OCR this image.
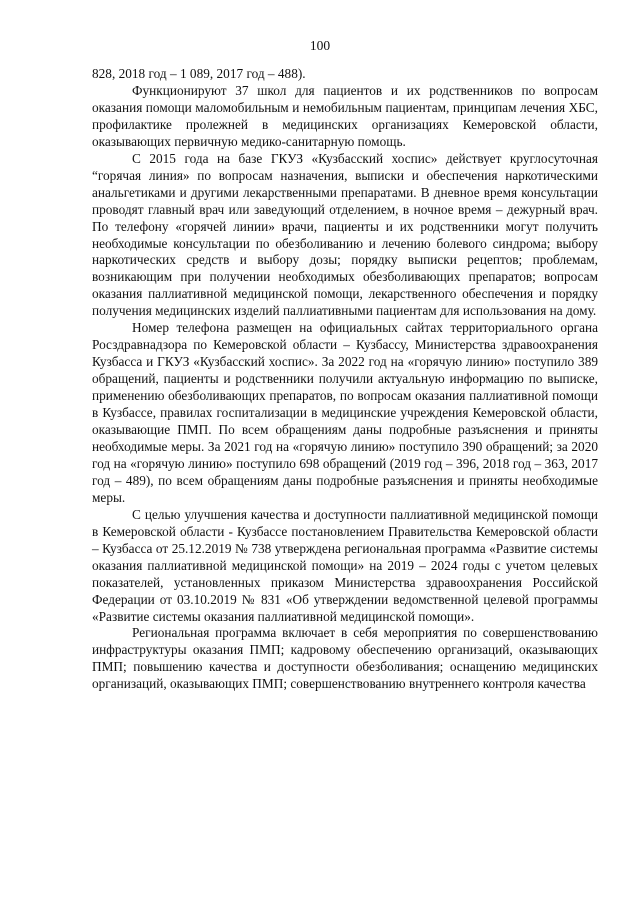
100

828, 2018 год – 1 089, 2017 год – 488).

Функционируют 37 школ для пациентов и их родственников по вопросам оказания помощи маломобильным и немобильным пациентам, принципам лечения ХБС, профилактике пролежней в медицинских организациях Кемеровской области, оказывающих первичную медико-санитарную помощь.

С 2015 года на базе ГКУЗ «Кузбасский хоспис» действует круглосуточная “горячая линия» по вопросам назначения, выписки и обеспечения наркотическими анальгетиками и другими лекарственными препаратами. В дневное время консультации проводят главный врач или заведующий отделением, в ночное время – дежурный врач. По телефону «горячей линии» врачи, пациенты и их родственники могут получить необходимые консультации по обезболиванию и лечению болевого синдрома; выбору наркотических средств и выбору дозы; порядку выписки рецептов; проблемам, возникающим при получении необходимых обезболивающих препаратов; вопросам оказания паллиативной медицинской помощи, лекарственного обеспечения и порядку получения медицинских изделий паллиативными пациентам для использования на дому.

Номер телефона размещен на официальных сайтах территориального органа Росздравнадзора по Кемеровской области – Кузбассу, Министерства здравоохранения Кузбасса и ГКУЗ «Кузбасский хоспис». За 2022 год на «горячую линию» поступило 389 обращений, пациенты и родственники получили актуальную информацию по выписке, применению обезболивающих препаратов, по вопросам оказания паллиативной помощи в Кузбассе, правилах госпитализации в медицинские учреждения Кемеровской области, оказывающие ПМП. По всем обращениям даны подробные разъяснения и приняты необходимые меры. За 2021 год на «горячую линию» поступило 390 обращений; за 2020 год на «горячую линию» поступило 698 обращений (2019 год – 396, 2018 год – 363, 2017 год – 489), по всем обращениям даны подробные разъяснения и приняты необходимые меры.

С целью улучшения качества и доступности паллиативной медицинской помощи в Кемеровской области - Кузбассе постановлением Правительства Кемеровской области – Кузбасса от 25.12.2019 № 738 утверждена региональная программа «Развитие системы оказания паллиативной медицинской помощи» на 2019 – 2024 годы с учетом целевых показателей, установленных приказом Министерства здравоохранения Российской Федерации от 03.10.2019 № 831 «Об утверждении ведомственной целевой программы «Развитие системы оказания паллиативной медицинской помощи».

Региональная программа включает в себя мероприятия по совершенствованию инфраструктуры оказания ПМП; кадровому обеспечению организаций, оказывающих ПМП; повышению качества и доступности обезболивания; оснащению медицинских организаций, оказывающих ПМП; совершенствованию внутреннего контроля качества
